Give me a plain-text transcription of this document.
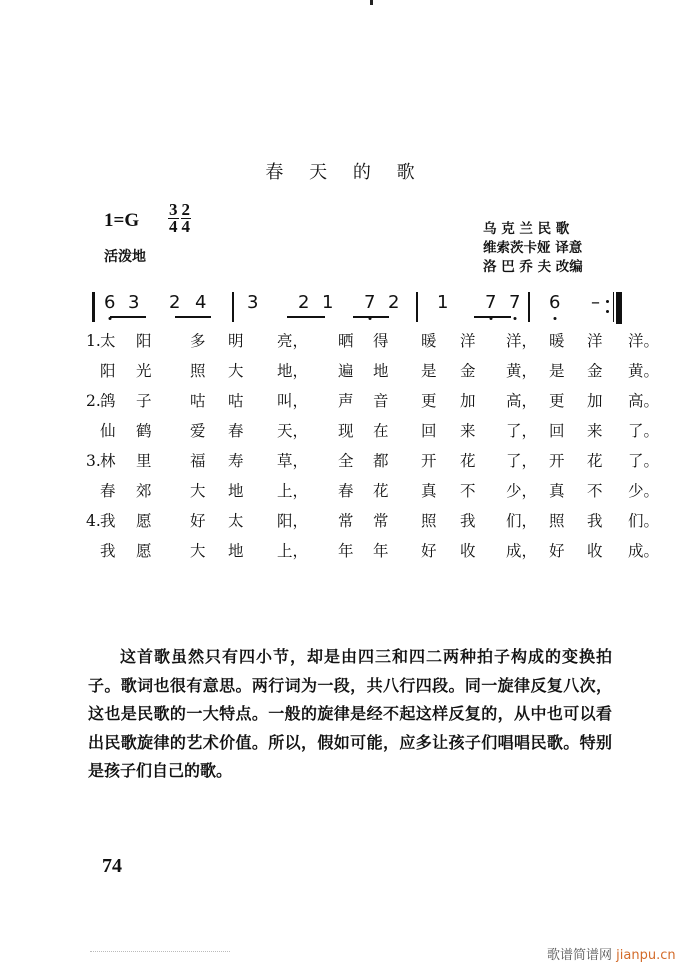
春 天 的 歌
$1=G \frac{3}{4} \frac{2}{4}$
活泼地
乌 克 兰 民 歌
维索茨卡娅 译意
洛 巴 乔 夫 改编
6 3 2 4 3 2 1 7 2 1 7 7 6 –
1. 太 阳 多 明 亮， 晒 得 暖 洋 洋， 暖 洋 洋。
阳 光 照 大 地， 遍 地 是 金 黄， 是 金 黄。
2. 鸽 子 咕 咕 叫， 声 音 更 加 高， 更 加 高。
仙 鹤 爱 春 天， 现 在 回 来 了， 回 来 了。
3. 林 里 福 寿 草， 全 都 开 花 了， 开 花 了。
春 郊 大 地 上， 春 花 真 不 少， 真 不 少。
4. 我 愿 好 太 阳， 常 常 照 我 们， 照 我 们。
我 愿 大 地 上， 年 年 好 收 成， 好 收 成。

这首歌虽然只有四小节，却是由四三和四二两种拍子构成的变换拍子。歌词也很有意思。两行词为一段，共八行四段。同一旋律反复八次，这也是民歌的一大特点。一般的旋律是经不起这样反复的，从中也可以看出民歌旋律的艺术价值。所以，假如可能，应多让孩子们唱唱民歌。特别是孩子们自己的歌。

74
歌谱简谱网 jianpu.cn
